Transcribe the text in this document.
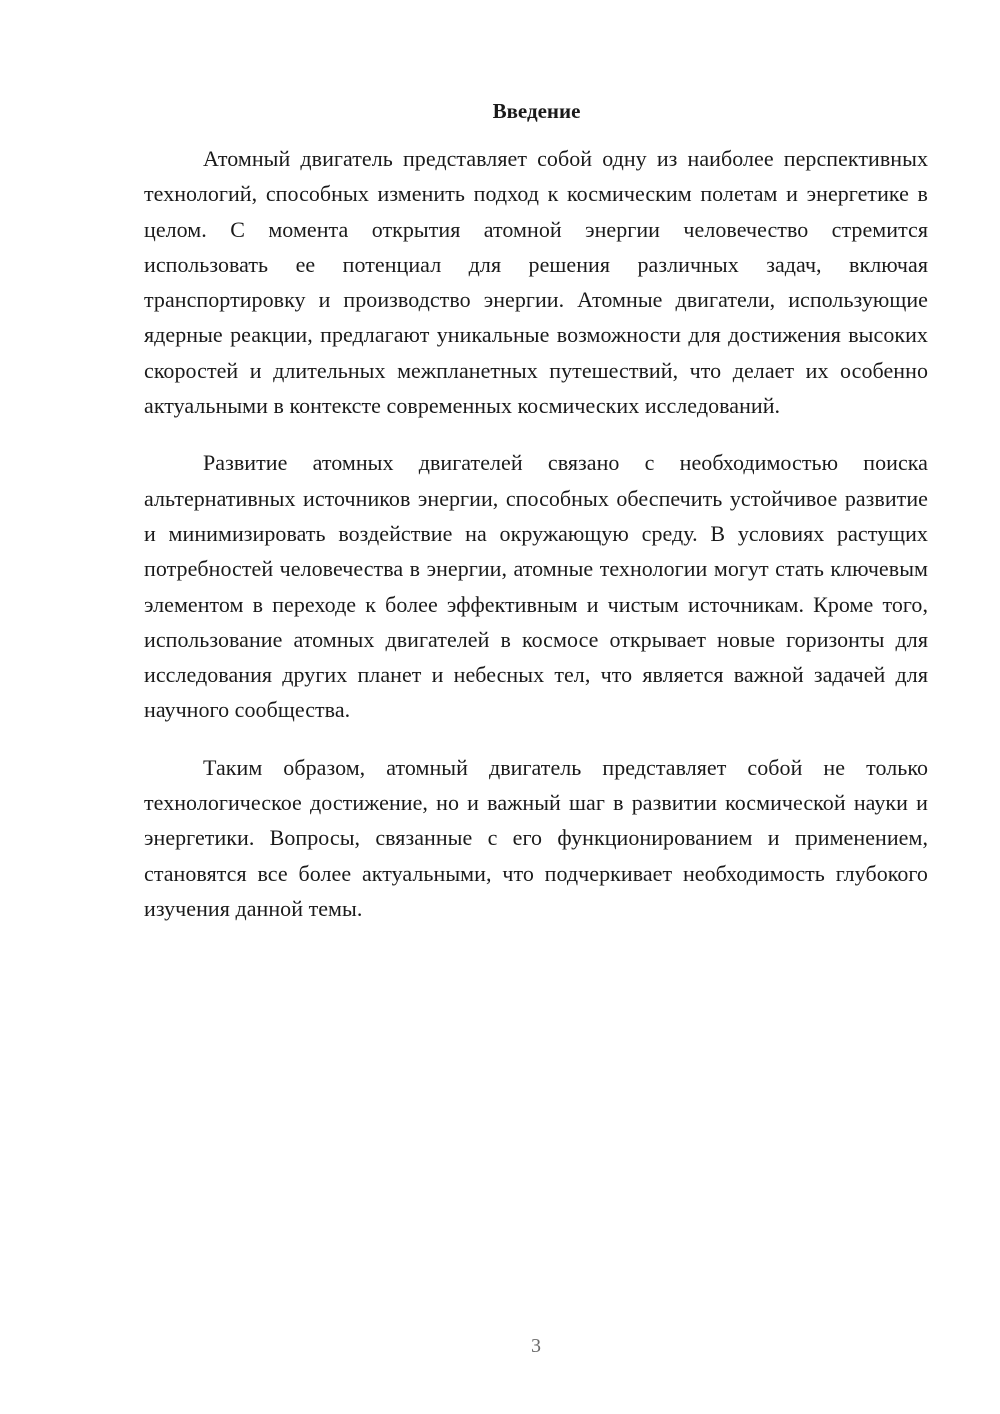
Введение

Атомный двигатель представляет собой одну из наиболее перспективных технологий, способных изменить подход к космическим полетам и энергетике в целом. С момента открытия атомной энергии человечество стремится использовать ее потенциал для решения различных задач, включая транспортировку и производство энергии. Атомные двигатели, использующие ядерные реакции, предлагают уникальные возможности для достижения высоких скоростей и длительных межпланетных путешествий, что делает их особенно актуальными в контексте современных космических исследований.

Развитие атомных двигателей связано с необходимостью поиска альтернативных источников энергии, способных обеспечить устойчивое развитие и минимизировать воздействие на окружающую среду. В условиях растущих потребностей человечества в энергии, атомные технологии могут стать ключевым элементом в переходе к более эффективным и чистым источникам. Кроме того, использование атомных двигателей в космосе открывает новые горизонты для исследования других планет и небесных тел, что является важной задачей для научного сообщества.

Таким образом, атомный двигатель представляет собой не только технологическое достижение, но и важный шаг в развитии космической науки и энергетики. Вопросы, связанные с его функционированием и применением, становятся все более актуальными, что подчеркивает необходимость глубокого изучения данной темы.

3
